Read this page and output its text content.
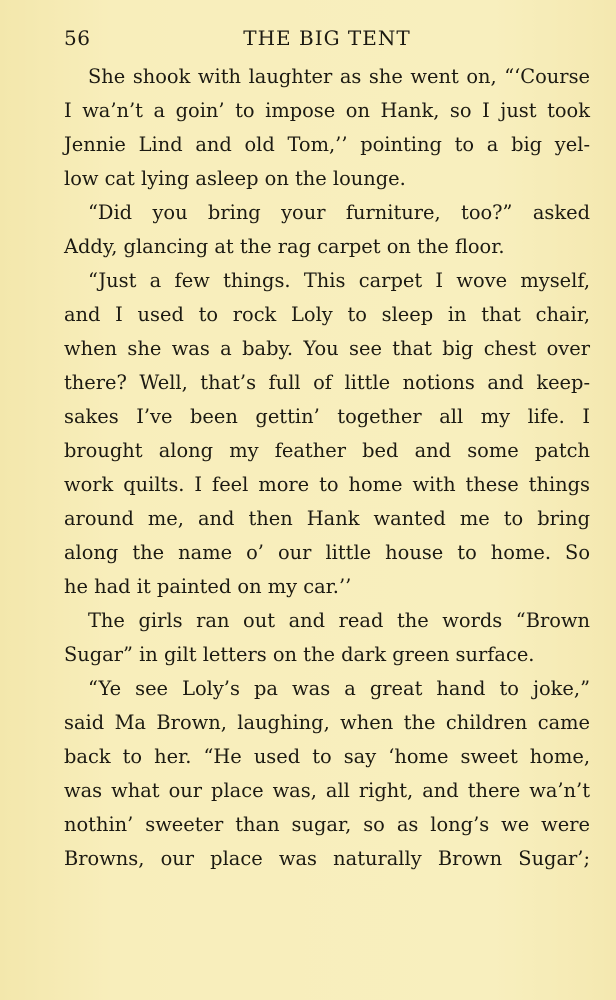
56	THE BIG TENT
She shook with laughter as she went on, “‘Course
I wa’n’t a goin’ to impose on Hank, so I just took
Jennie Lind and old Tom,’’ pointing to a big yel-
low cat lying asleep on the lounge.
“Did you bring your furniture, too?” asked
Addy, glancing at the rag carpet on the floor.
“Just a few things. This carpet I wove myself,
and I used to rock Loly to sleep in that chair,
when she was a baby. You see that big chest over
there? Well, that’s full of little notions and keep-
sakes I’ve been gettin’ together all my life. I
brought along my feather bed and some patch
work quilts. I feel more to home with these things
around me, and then Hank wanted me to bring
along the name o’ our little house to home. So
he had it painted on my car.’’
The girls ran out and read the words “Brown
Sugar” in gilt letters on the dark green surface.
“Ye see Loly’s pa was a great hand to joke,”
said Ma Brown, laughing, when the children came
back to her. “He used to say ‘home sweet home,
was what our place was, all right, and there wa’n’t
nothin’ sweeter than sugar, so as long’s we were
Browns, our place was naturally Brown Sugar’;
